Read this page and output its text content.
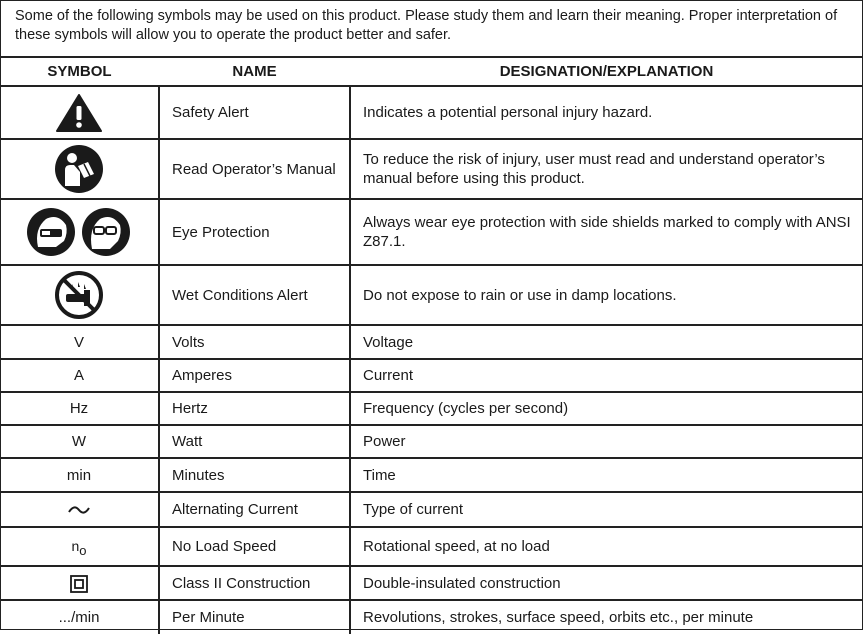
Some of the following symbols may be used on this product. Please study them and learn their meaning. Proper interpretation of these symbols will allow you to operate the product better and safer.
SYMBOL	NAME	DESIGNATION/EXPLANATION
	Safety Alert	Indicates a potential personal injury hazard.
	Read Operator’s Manual	To reduce the risk of injury, user must read and understand operator’s manual before using this product.
	Eye Protection	Always wear eye protection with side shields marked to comply with ANSI Z87.1.
	Wet Conditions Alert	Do not expose to rain or use in damp locations.
V	Volts	Voltage
A	Amperes	Current
Hz	Hertz	Frequency (cycles per second)
W	Watt	Power
min	Minutes	Time
	Alternating Current	Type of current
no	No Load Speed	Rotational speed, at no load
	Class II Construction	Double-insulated construction
.../min	Per Minute	Revolutions, strokes, surface speed, orbits etc., per minute
